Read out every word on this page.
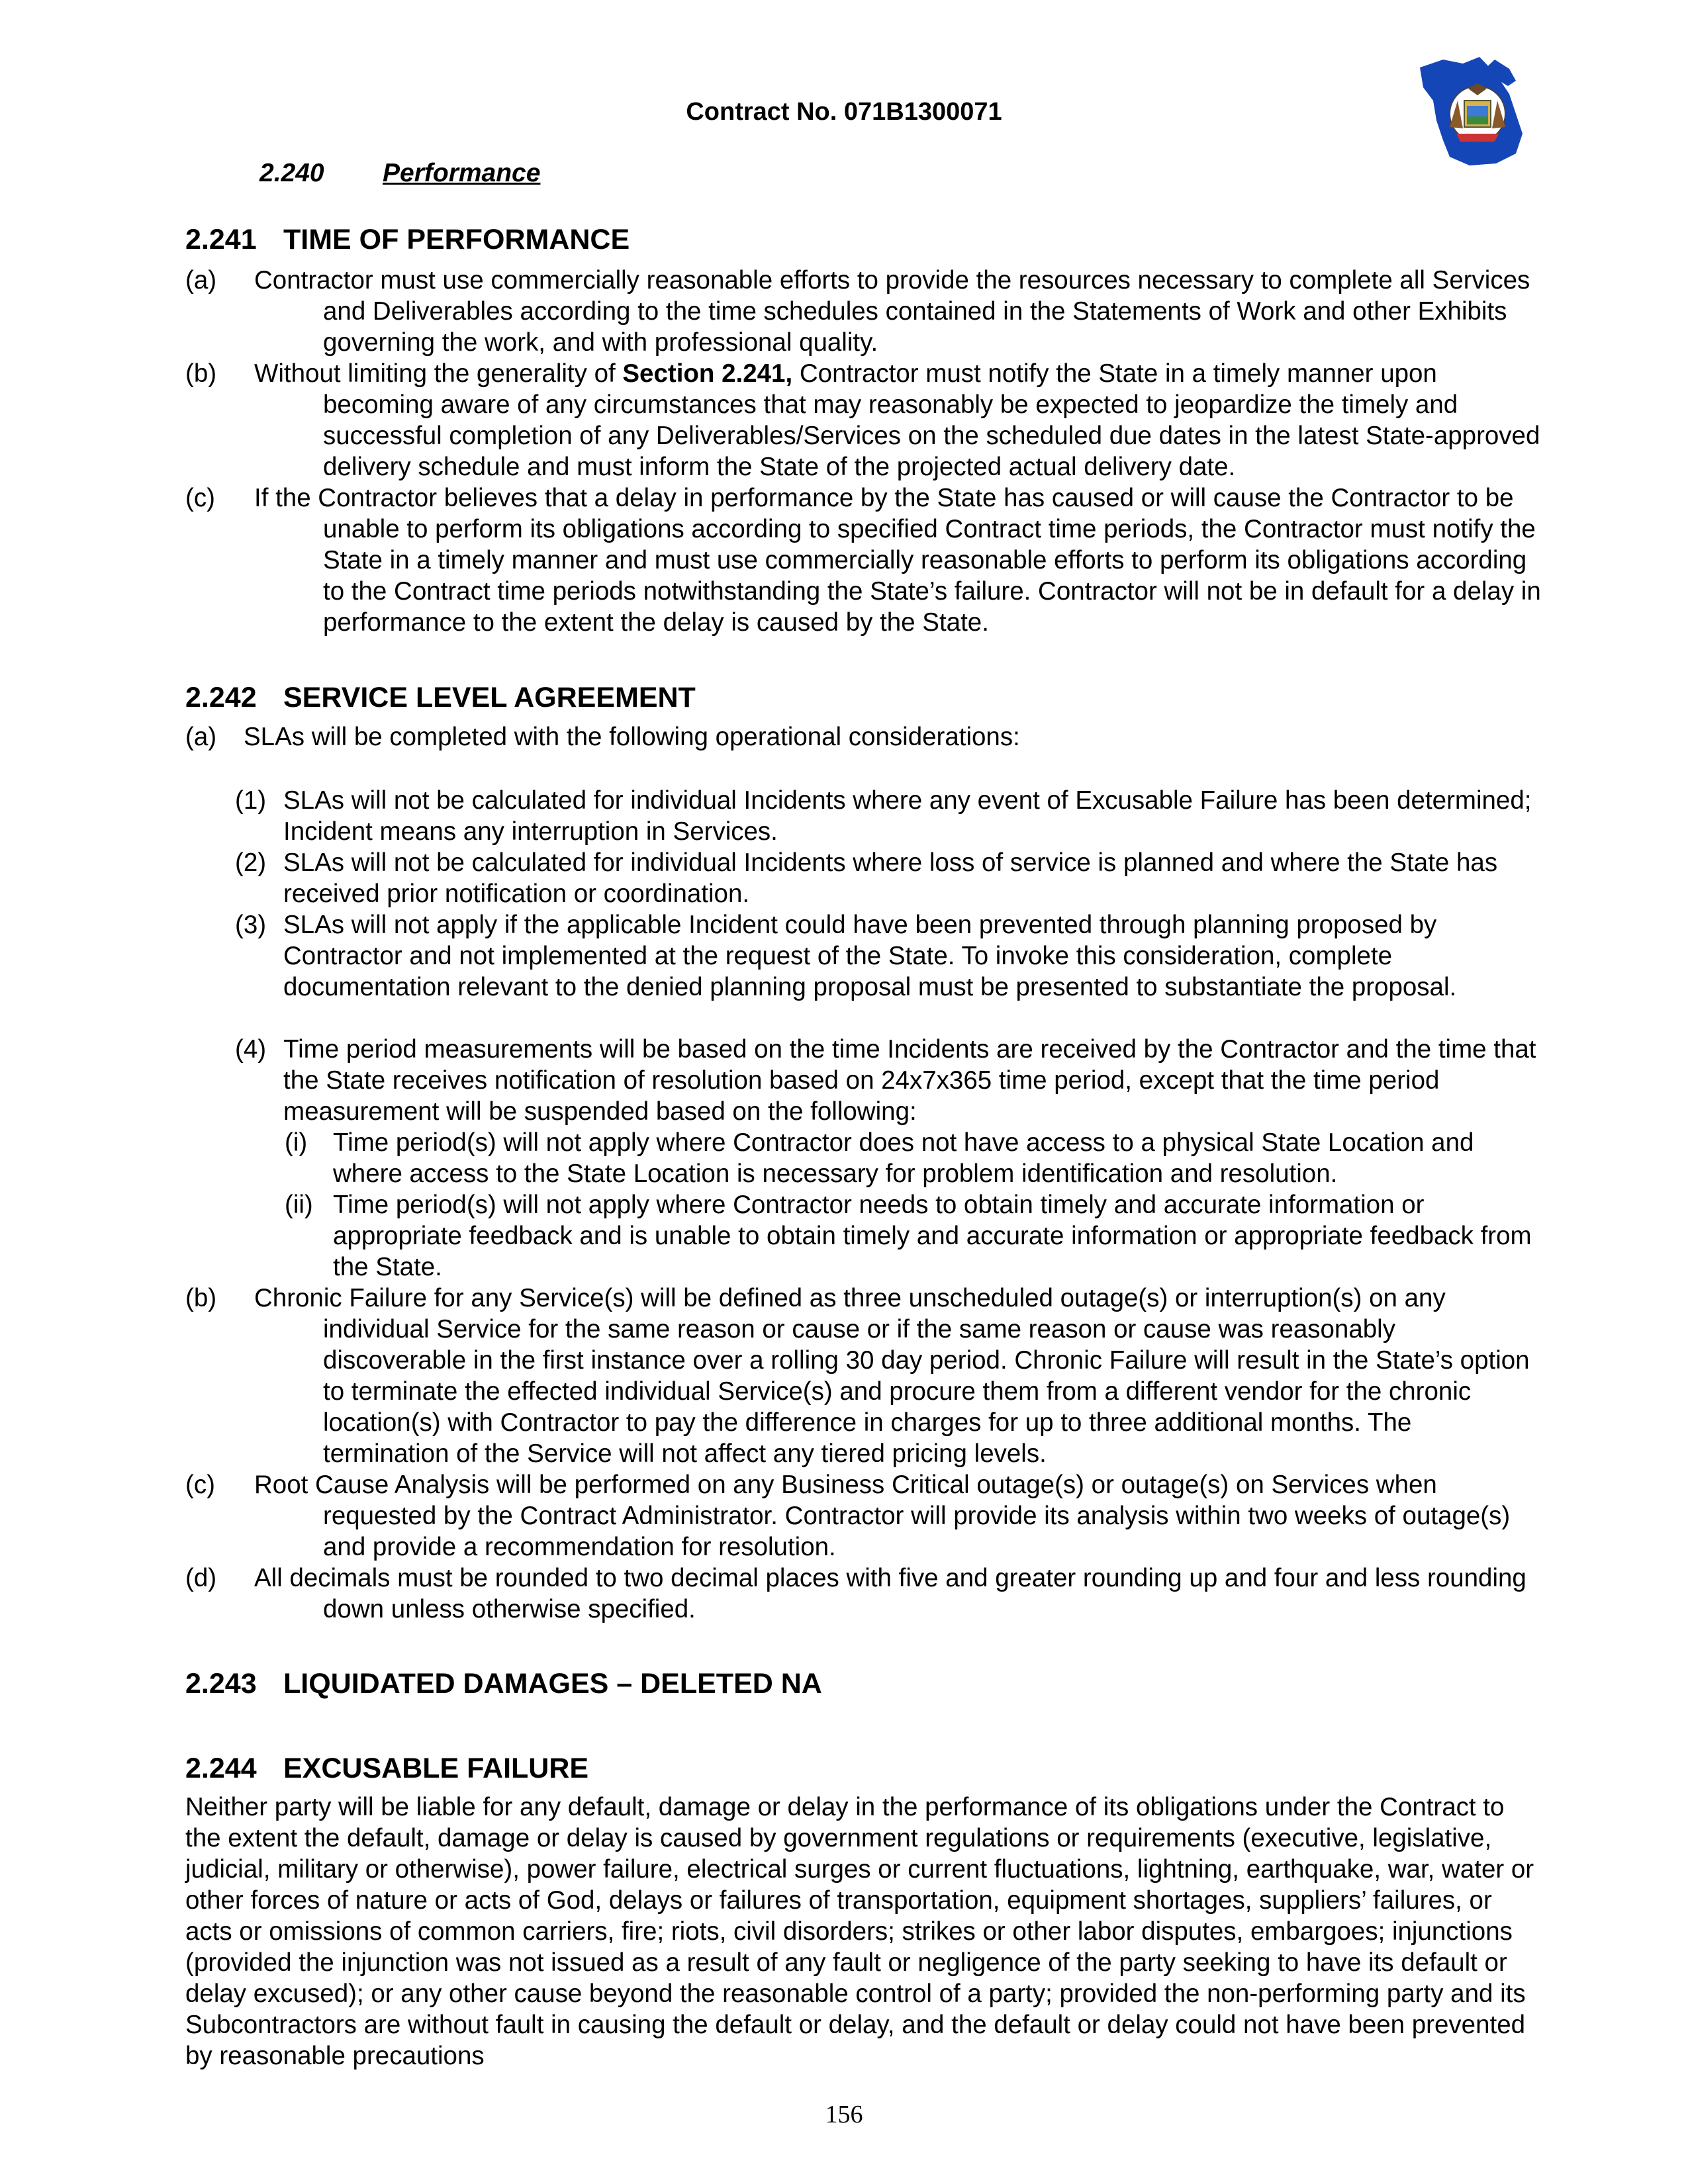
Contract No. 071B1300071
2.240 Performance
2.241 TIME OF PERFORMANCE
(a) Contractor must use commercially reasonable efforts to provide the resources necessary to complete all Services and Deliverables according to the time schedules contained in the Statements of Work and other Exhibits governing the work, and with professional quality.
(b) Without limiting the generality of Section 2.241, Contractor must notify the State in a timely manner upon becoming aware of any circumstances that may reasonably be expected to jeopardize the timely and successful completion of any Deliverables/Services on the scheduled due dates in the latest State-approved delivery schedule and must inform the State of the projected actual delivery date.
(c) If the Contractor believes that a delay in performance by the State has caused or will cause the Contractor to be unable to perform its obligations according to specified Contract time periods, the Contractor must notify the State in a timely manner and must use commercially reasonable efforts to perform its obligations according to the Contract time periods notwithstanding the State’s failure. Contractor will not be in default for a delay in performance to the extent the delay is caused by the State.
2.242 SERVICE LEVEL AGREEMENT
(a) SLAs will be completed with the following operational considerations:
(1) SLAs will not be calculated for individual Incidents where any event of Excusable Failure has been determined; Incident means any interruption in Services.
(2) SLAs will not be calculated for individual Incidents where loss of service is planned and where the State has received prior notification or coordination.
(3) SLAs will not apply if the applicable Incident could have been prevented through planning proposed by Contractor and not implemented at the request of the State. To invoke this consideration, complete documentation relevant to the denied planning proposal must be presented to substantiate the proposal.
(4) Time period measurements will be based on the time Incidents are received by the Contractor and the time that the State receives notification of resolution based on 24x7x365 time period, except that the time period measurement will be suspended based on the following:
(i) Time period(s) will not apply where Contractor does not have access to a physical State Location and where access to the State Location is necessary for problem identification and resolution.
(ii) Time period(s) will not apply where Contractor needs to obtain timely and accurate information or appropriate feedback and is unable to obtain timely and accurate information or appropriate feedback from the State.
(b) Chronic Failure for any Service(s) will be defined as three unscheduled outage(s) or interruption(s) on any individual Service for the same reason or cause or if the same reason or cause was reasonably discoverable in the first instance over a rolling 30 day period. Chronic Failure will result in the State’s option to terminate the effected individual Service(s) and procure them from a different vendor for the chronic location(s) with Contractor to pay the difference in charges for up to three additional months. The termination of the Service will not affect any tiered pricing levels.
(c) Root Cause Analysis will be performed on any Business Critical outage(s) or outage(s) on Services when requested by the Contract Administrator. Contractor will provide its analysis within two weeks of outage(s) and provide a recommendation for resolution.
(d) All decimals must be rounded to two decimal places with five and greater rounding up and four and less rounding down unless otherwise specified.
2.243 LIQUIDATED DAMAGES – DELETED NA
2.244 EXCUSABLE FAILURE
Neither party will be liable for any default, damage or delay in the performance of its obligations under the Contract to the extent the default, damage or delay is caused by government regulations or requirements (executive, legislative, judicial, military or otherwise), power failure, electrical surges or current fluctuations, lightning, earthquake, war, water or other forces of nature or acts of God, delays or failures of transportation, equipment shortages, suppliers’ failures, or acts or omissions of common carriers, fire; riots, civil disorders; strikes or other labor disputes, embargoes; injunctions (provided the injunction was not issued as a result of any fault or negligence of the party seeking to have its default or delay excused); or any other cause beyond the reasonable control of a party; provided the non-performing party and its Subcontractors are without fault in causing the default or delay, and the default or delay could not have been prevented by reasonable precautions
156
